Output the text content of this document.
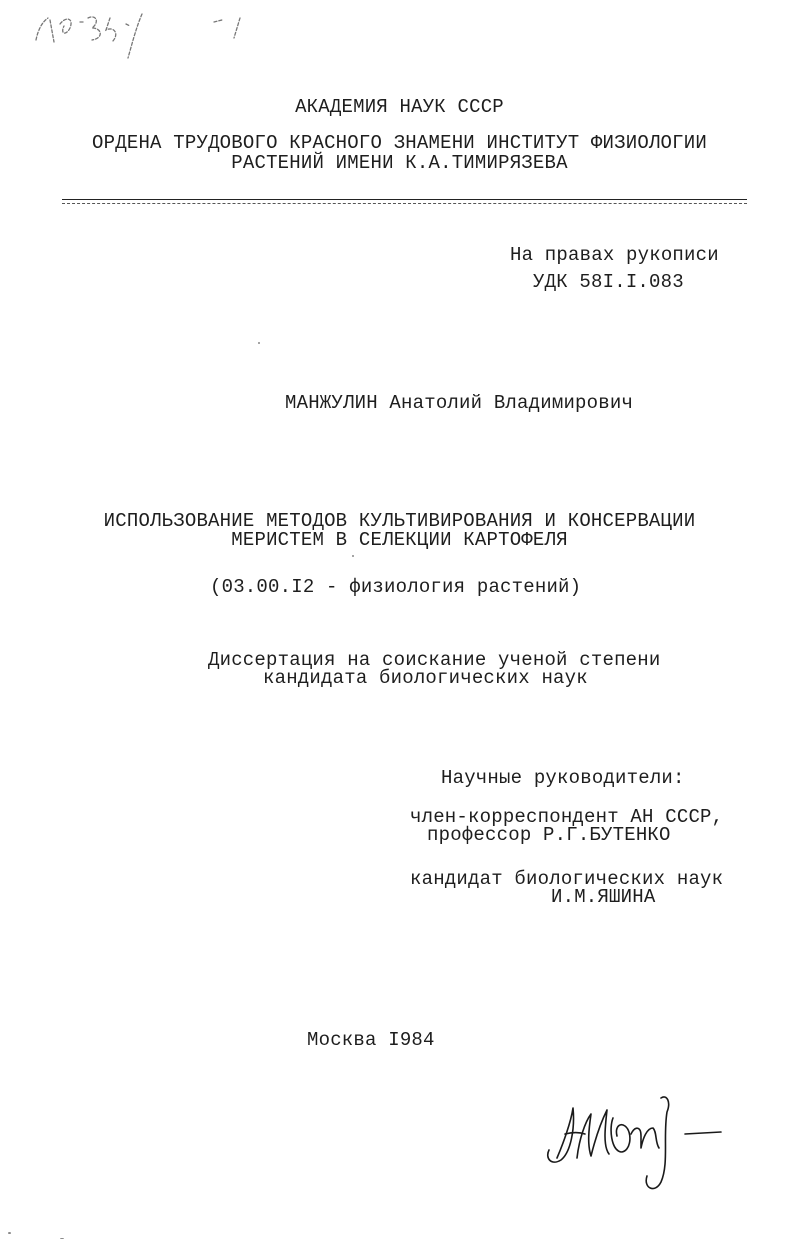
АКАДЕМИЯ НАУК СССР
ОРДЕНА ТРУДОВОГО КРАСНОГО ЗНАМЕНИ ИНСТИТУТ ФИЗИОЛОГИИ
РАСТЕНИЙ ИМЕНИ К.А.ТИМИРЯЗЕВА
На правах рукописи
УДК 58I.I.083
МАНЖУЛИН Анатолий Владимирович
ИСПОЛЬЗОВАНИЕ МЕТОДОВ КУЛЬТИВИРОВАНИЯ И КОНСЕРВАЦИИ
МЕРИСТЕМ В СЕЛЕКЦИИ КАРТОФЕЛЯ
(03.00.I2 - физиология растений)
Диссертация на соискание ученой степени
кандидата биологических наук
Научные руководители:
член-корреспондент АН СССР,
профессор Р.Г.БУТЕНКО
кандидат биологических наук
И.М.ЯШИНА
Москва I984
